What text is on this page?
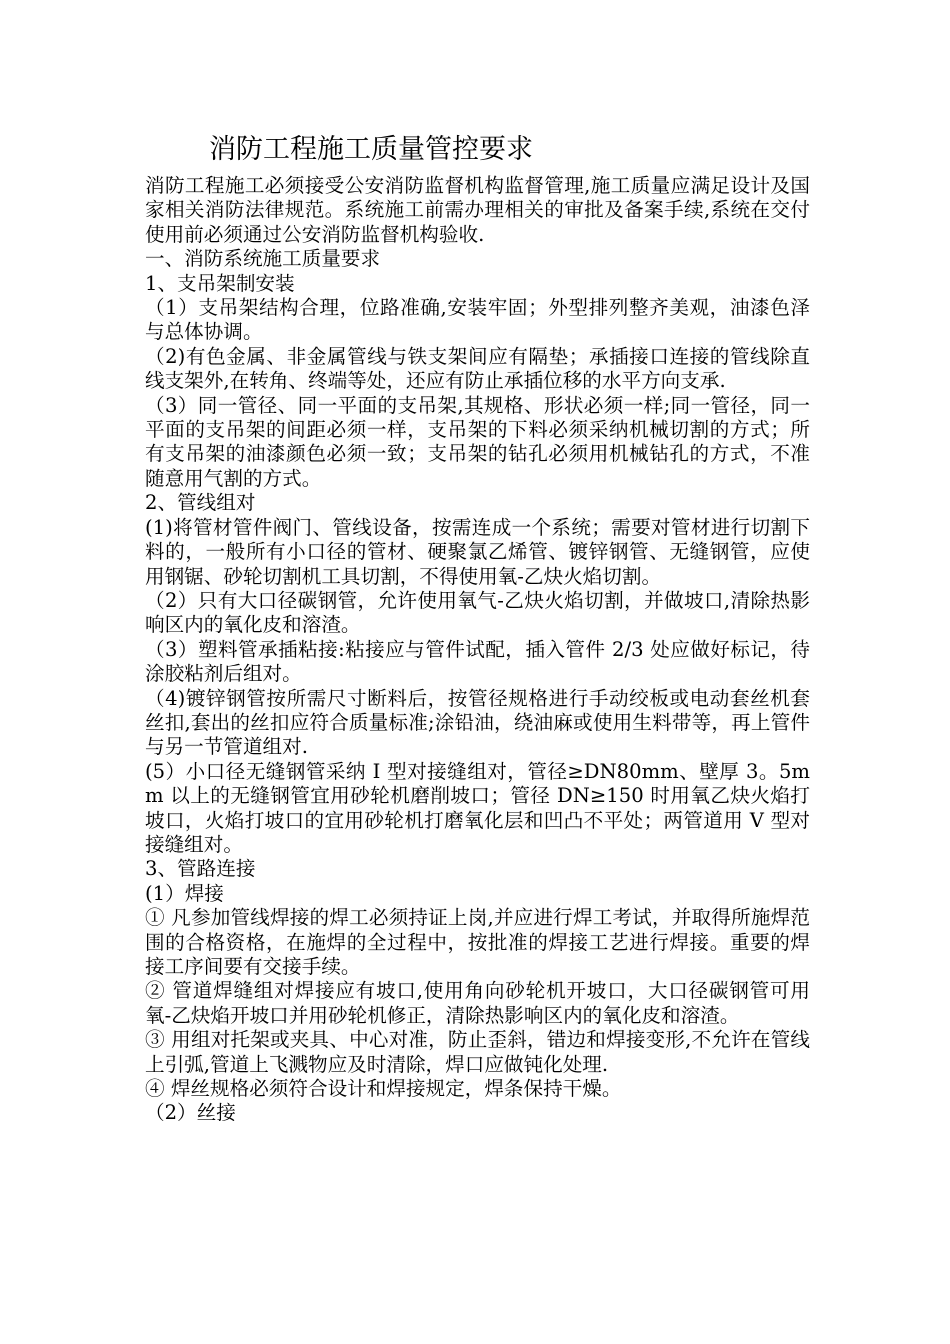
消防工程施工质量管控要求

消防工程施工必须接受公安消防监督机构监督管理,施工质量应满足设计及国家相关消防法律规范。系统施工前需办理相关的审批及备案手续,系统在交付使用前必须通过公安消防监督机构验收.

一、消防系统施工质量要求

1、支吊架制安装

（1）支吊架结构合理，位路准确,安装牢固；外型排列整齐美观，油漆色泽与总体协调。

（2)有色金属、非金属管线与铁支架间应有隔垫；承插接口连接的管线除直线支架外,在转角、终端等处，还应有防止承插位移的水平方向支承.

（3）同一管径、同一平面的支吊架,其规格、形状必须一样;同一管径，同一平面的支吊架的间距必须一样，支吊架的下料必须采纳机械切割的方式；所有支吊架的油漆颜色必须一致；支吊架的钻孔必须用机械钻孔的方式，不准随意用气割的方式。

2、管线组对

(1)将管材管件阀门、管线设备，按需连成一个系统；需要对管材进行切割下料的，一般所有小口径的管材、硬聚氯乙烯管、镀锌钢管、无缝钢管，应使用钢锯、砂轮切割机工具切割，不得使用氧-乙炔火焰切割。

（2）只有大口径碳钢管，允许使用氧气-乙炔火焰切割，并做坡口,清除热影响区内的氧化皮和溶渣。

（3）塑料管承插粘接:粘接应与管件试配，插入管件 2/3 处应做好标记，待涂胶粘剂后组对。

（4)镀锌钢管按所需尺寸断料后，按管径规格进行手动绞板或电动套丝机套丝扣,套出的丝扣应符合质量标准;涂铅油，绕油麻或使用生料带等，再上管件与另一节管道组对.

(5）小口径无缝钢管采纳 I 型对接缝组对，管径≥DN80mm、壁厚 3。5mm 以上的无缝钢管宜用砂轮机磨削坡口；管径 DN≥150 时用氧乙炔火焰打坡口，火焰打坡口的宜用砂轮机打磨氧化层和凹凸不平处；两管道用 V 型对接缝组对。

3、管路连接

(1）焊接

① 凡参加管线焊接的焊工必须持证上岗,并应进行焊工考试，并取得所施焊范围的合格资格，在施焊的全过程中，按批准的焊接工艺进行焊接。重要的焊接工序间要有交接手续。

② 管道焊缝组对焊接应有坡口,使用角向砂轮机开坡口，大口径碳钢管可用氧-乙炔焰开坡口并用砂轮机修正，清除热影响区内的氧化皮和溶渣。

③ 用组对托架或夹具、中心对准，防止歪斜，错边和焊接变形,不允许在管线上引弧,管道上飞溅物应及时清除，焊口应做钝化处理.

④ 焊丝规格必须符合设计和焊接规定，焊条保持干燥。

（2）丝接
